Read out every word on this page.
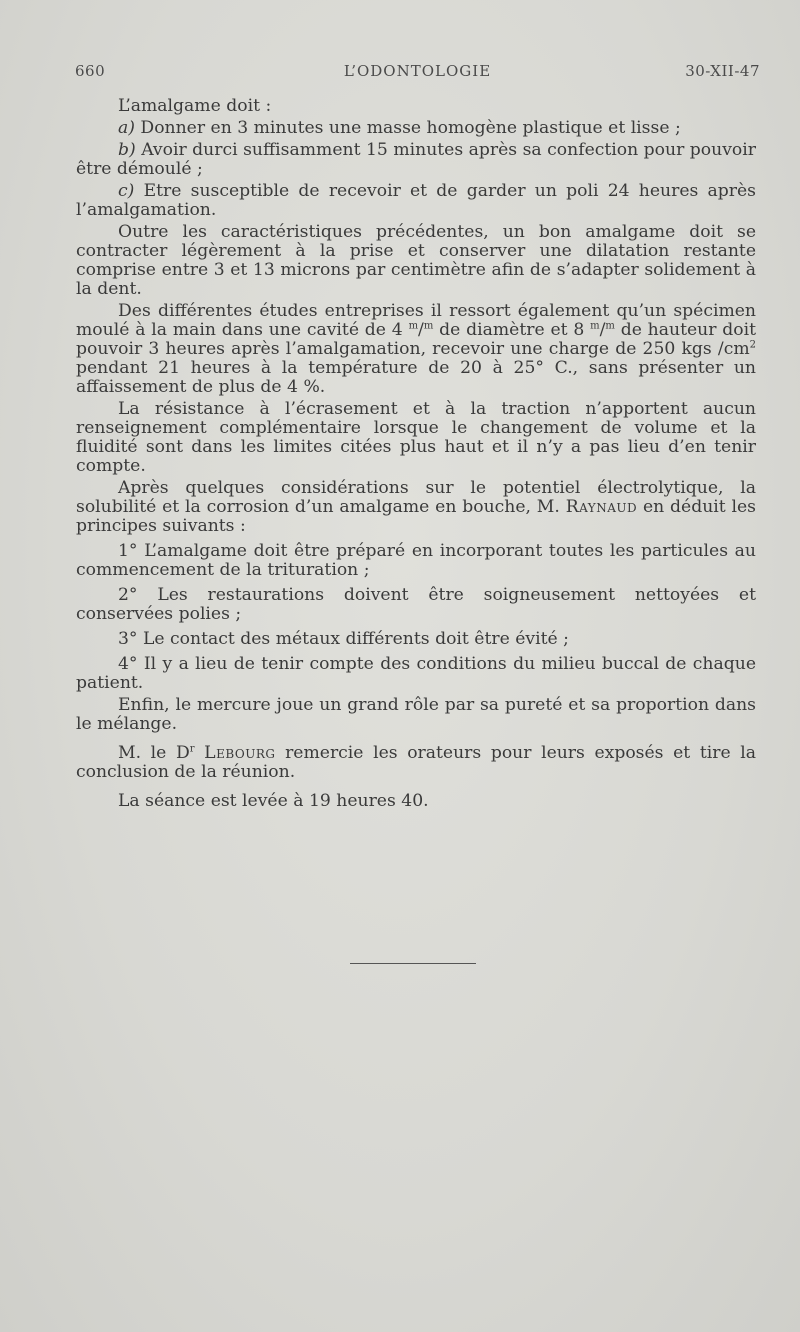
660	L’ODONTOLOGIE	30-XII-47

L’amalgame doit :

a) Donner en 3 minutes une masse homogène plastique et lisse ;

b) Avoir durci suffisamment 15 minutes après sa confection pour pouvoir être démoulé ;

c) Etre susceptible de recevoir et de garder un poli 24 heures après l’amalgamation.

Outre les caractéristiques précédentes, un bon amalgame doit se contracter légèrement à la prise et conserver une dilatation restante comprise entre 3 et 13 microns par centimètre afin de s’adapter solidement à la dent.

Des différentes études entreprises il ressort également qu’un spécimen moulé à la main dans une cavité de 4 $^m$/$^m$ de diamètre et 8 $^m$/$^m$ de hauteur doit pouvoir 3 heures après l’amalgamation, recevoir une charge de 250 kgs $/cm^2$ pendant 21 heures à la température de 20 à 25° C., sans présenter un affaissement de plus de 4 %.

La résistance à l’écrasement et à la traction n’apportent aucun renseignement complémentaire lorsque le changement de volume et la fluidité sont dans les limites citées plus haut et il n’y a pas lieu d’en tenir compte.

Après quelques considérations sur le potentiel électrolytique, la solubilité et la corrosion d’un amalgame en bouche, M. Raynaud en déduit les principes suivants :

1° L’amalgame doit être préparé en incorporant toutes les particules au commencement de la trituration ;

2° Les restaurations doivent être soigneusement nettoyées et conservées polies ;

3° Le contact des métaux différents doit être évité ;

4° Il y a lieu de tenir compte des conditions du milieu buccal de chaque patient.

Enfin, le mercure joue un grand rôle par sa pureté et sa proportion dans le mélange.

M. le $D^r$ Lebourg remercie les orateurs pour leurs exposés et tire la conclusion de la réunion.

La séance est levée à 19 heures 40.
